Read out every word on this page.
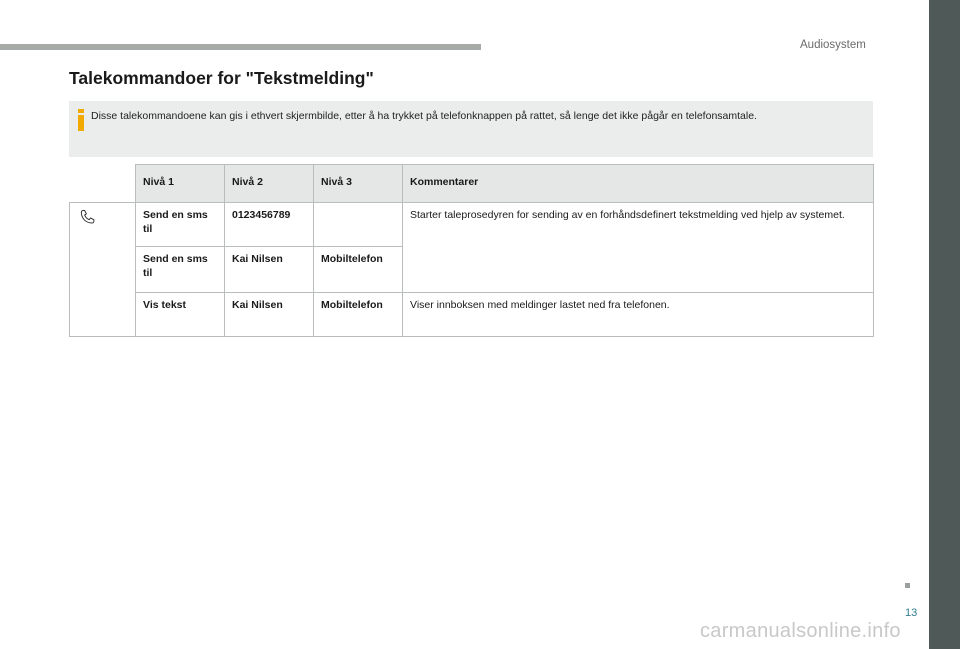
Audiosystem
Talekommandoer for "Tekstmelding"
Disse talekommandoene kan gis i ethvert skjermbilde, etter å ha trykket på telefonknappen på rattet, så lenge det ikke pågår en telefonsamtale.
	Nivå 1	Nivå 2	Nivå 3	Kommentarer
	Send en sms til	0123456789		Starter taleprosedyren for sending av en forhåndsdefinert tekstmelding ved hjelp av systemet.
	Send en sms til	Kai Nilsen	Mobiltelefon	
	Vis tekst	Kai Nilsen	Mobiltelefon	Viser innboksen med meldinger lastet ned fra telefonen.
13
carmanualsonline.info
